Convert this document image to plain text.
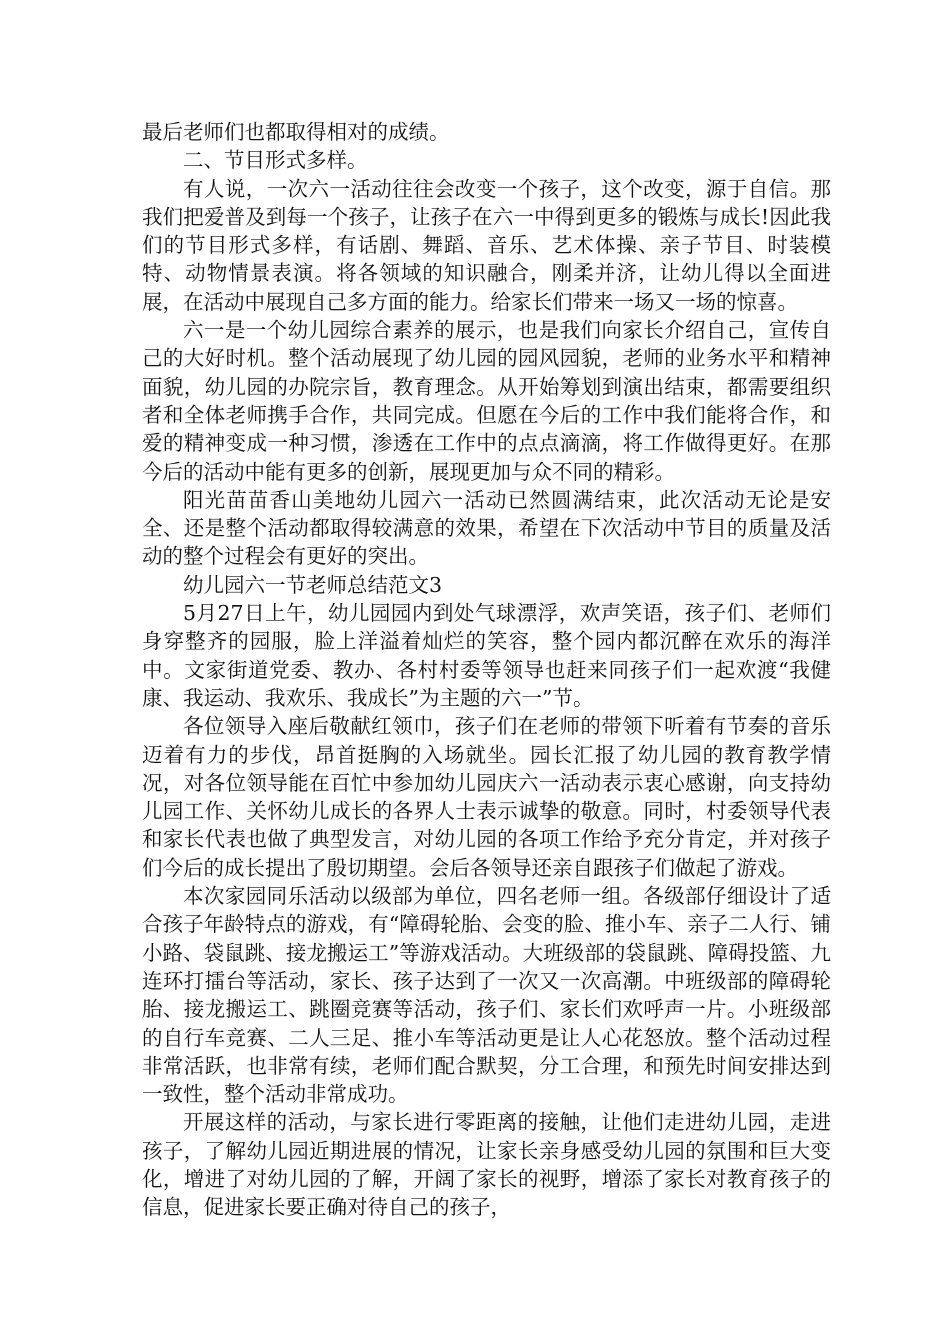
最后老师们也都取得相对的成绩。

二、节目形式多样。

有人说，一次六一活动往往会改变一个孩子，这个改变，源于自信。那我们把爱普及到每一个孩子，让孩子在六一中得到更多的锻炼与成长!因此我们的节目形式多样，有话剧、舞蹈、音乐、艺术体操、亲子节目、时装模特、动物情景表演。将各领域的知识融合，刚柔并济，让幼儿得以全面进展，在活动中展现自己多方面的能力。给家长们带来一场又一场的惊喜。

六一是一个幼儿园综合素养的展示，也是我们向家长介绍自己，宣传自己的大好时机。整个活动展现了幼儿园的园风园貌，老师的业务水平和精神面貌，幼儿园的办院宗旨，教育理念。从开始筹划到演出结束，都需要组织者和全体老师携手合作，共同完成。但愿在今后的工作中我们能将合作，和爱的精神变成一种习惯，渗透在工作中的点点滴滴，将工作做得更好。在那今后的活动中能有更多的创新，展现更加与众不同的精彩。

阳光苗苗香山美地幼儿园六一活动已然圆满结束，此次活动无论是安全、还是整个活动都取得较满意的效果，希望在下次活动中节目的质量及活动的整个过程会有更好的突出。

幼儿园六一节老师总结范文3

5月27日上午，幼儿园园内到处气球漂浮，欢声笑语，孩子们、老师们身穿整齐的园服，脸上洋溢着灿烂的笑容，整个园内都沉醉在欢乐的海洋中。文家街道党委、教办、各村村委等领导也赶来同孩子们一起欢渡“我健康、我运动、我欢乐、我成长”为主题的六一”节。

各位领导入座后敬献红领巾，孩子们在老师的带领下听着有节奏的音乐迈着有力的步伐，昂首挺胸的入场就坐。园长汇报了幼儿园的教育教学情况，对各位领导能在百忙中参加幼儿园庆六一活动表示衷心感谢，向支持幼儿园工作、关怀幼儿成长的各界人士表示诚挚的敬意。同时，村委领导代表和家长代表也做了典型发言，对幼儿园的各项工作给予充分肯定，并对孩子们今后的成长提出了殷切期望。会后各领导还亲自跟孩子们做起了游戏。

本次家园同乐活动以级部为单位，四名老师一组。各级部仔细设计了适合孩子年龄特点的游戏，有“障碍轮胎、会变的脸、推小车、亲子二人行、铺小路、袋鼠跳、接龙搬运工”等游戏活动。大班级部的袋鼠跳、障碍投篮、九连环打擂台等活动，家长、孩子达到了一次又一次高潮。中班级部的障碍轮胎、接龙搬运工、跳圈竞赛等活动，孩子们、家长们欢呼声一片。小班级部的自行车竞赛、二人三足、推小车等活动更是让人心花怒放。整个活动过程非常活跃，也非常有续，老师们配合默契，分工合理，和预先时间安排达到一致性，整个活动非常成功。

开展这样的活动，与家长进行零距离的接触，让他们走进幼儿园，走进孩子，了解幼儿园近期进展的情况，让家长亲身感受幼儿园的氛围和巨大变化，增进了对幼儿园的了解，开阔了家长的视野，增添了家长对教育孩子的信息，促进家长要正确对待自己的孩子，
